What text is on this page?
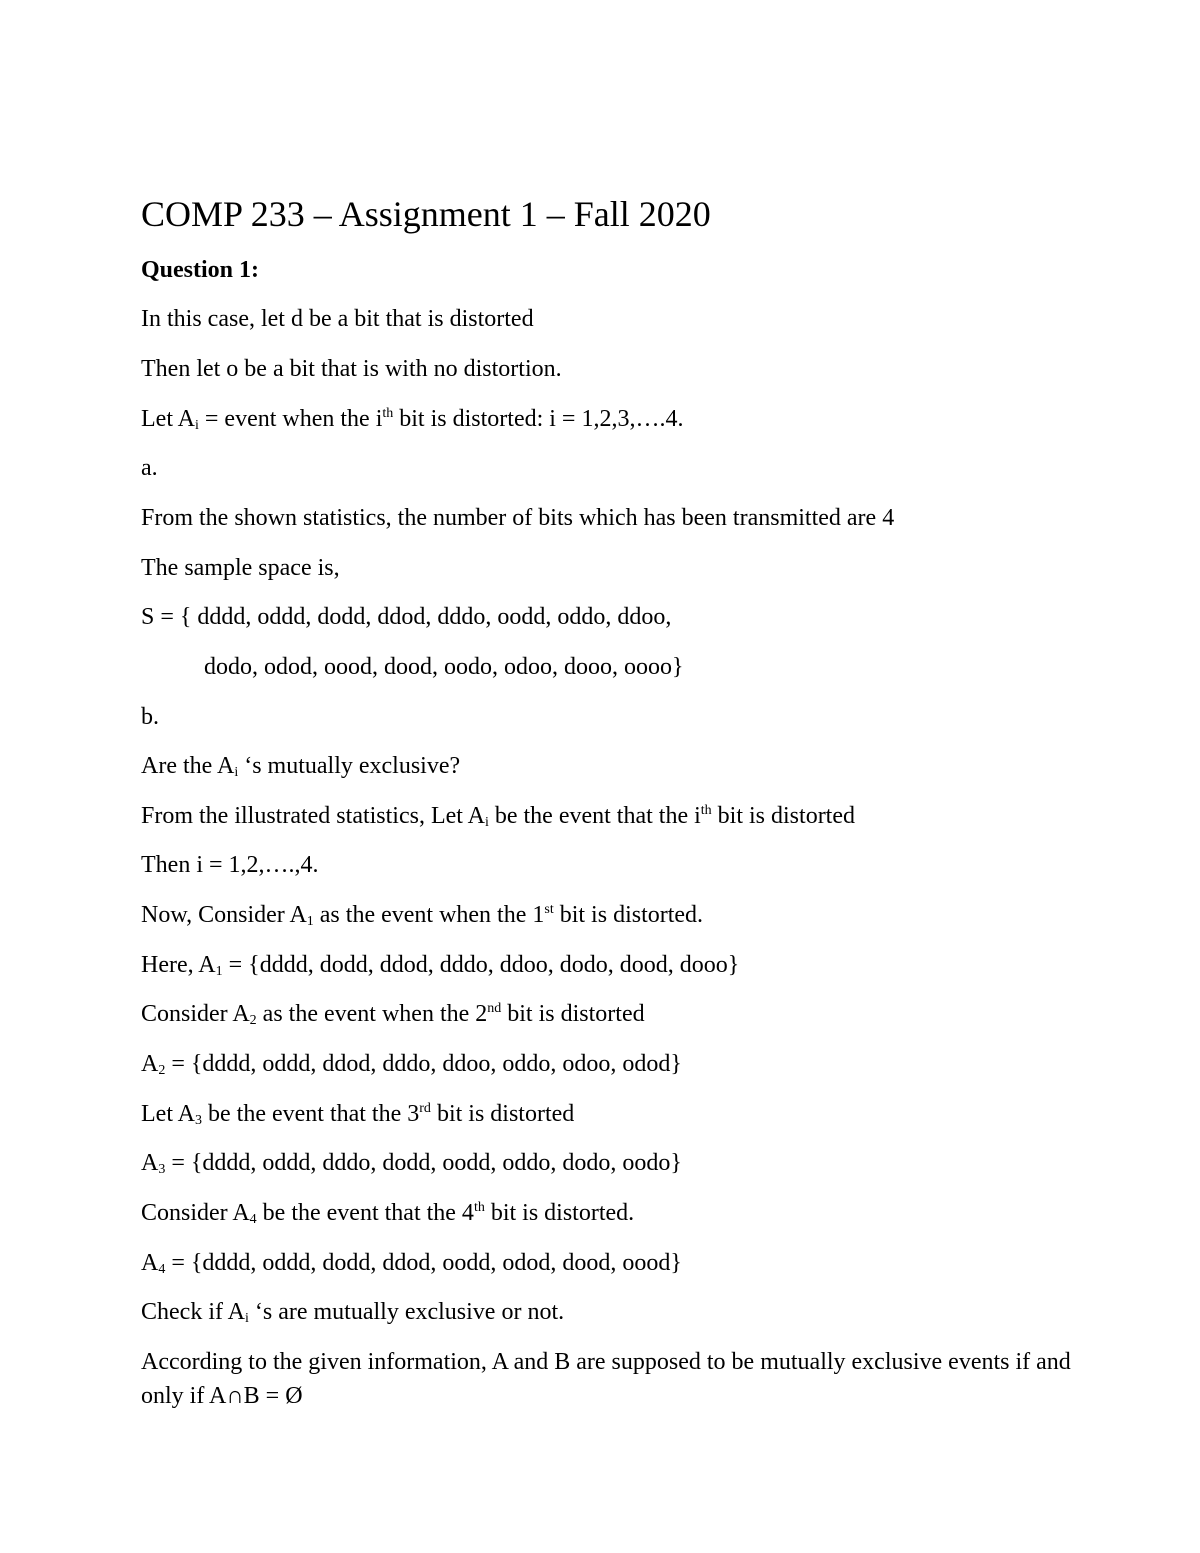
COMP 233 – Assignment 1 – Fall 2020
Question 1:
In this case, let d be a bit that is distorted
Then let o be a bit that is with no distortion.
Let $A_i$ = event when the $i^{th}$ bit is distorted: i = 1,2,3,….4.
a.
From the shown statistics, the number of bits which has been transmitted are 4
The sample space is,
S = { dddd, oddd, dodd, ddod, dddo, oodd, oddo, ddoo,
dodo, odod, oood, dood, oodo, odoo, dooo, oooo}
b.
Are the $A_i$ ‘s mutually exclusive?
From the illustrated statistics, Let $A_i$ be the event that the $i^{th}$ bit is distorted
Then i = 1,2,….,4.
Now, Consider $A_1$ as the event when the 1st bit is distorted.
Here, $A_1$ = {dddd, dodd, ddod, dddo, ddoo, dodo, dood, dooo}
Consider $A_2$ as the event when the 2nd bit is distorted
$A_2$ = {dddd, oddd, ddod, dddo, ddoo, oddo, odoo, odod}
Let $A_3$ be the event that the 3rd bit is distorted
$A_3$ = {dddd, oddd, dddo, dodd, oodd, oddo, dodo, oodo}
Consider $A_4$ be the event that the 4th bit is distorted.
$A_4$ = {dddd, oddd, dodd, ddod, oodd, odod, dood, oood}
Check if $A_i$ ‘s are mutually exclusive or not.
According to the given information, A and B are supposed to be mutually exclusive events if and only if A∩B = Ø
